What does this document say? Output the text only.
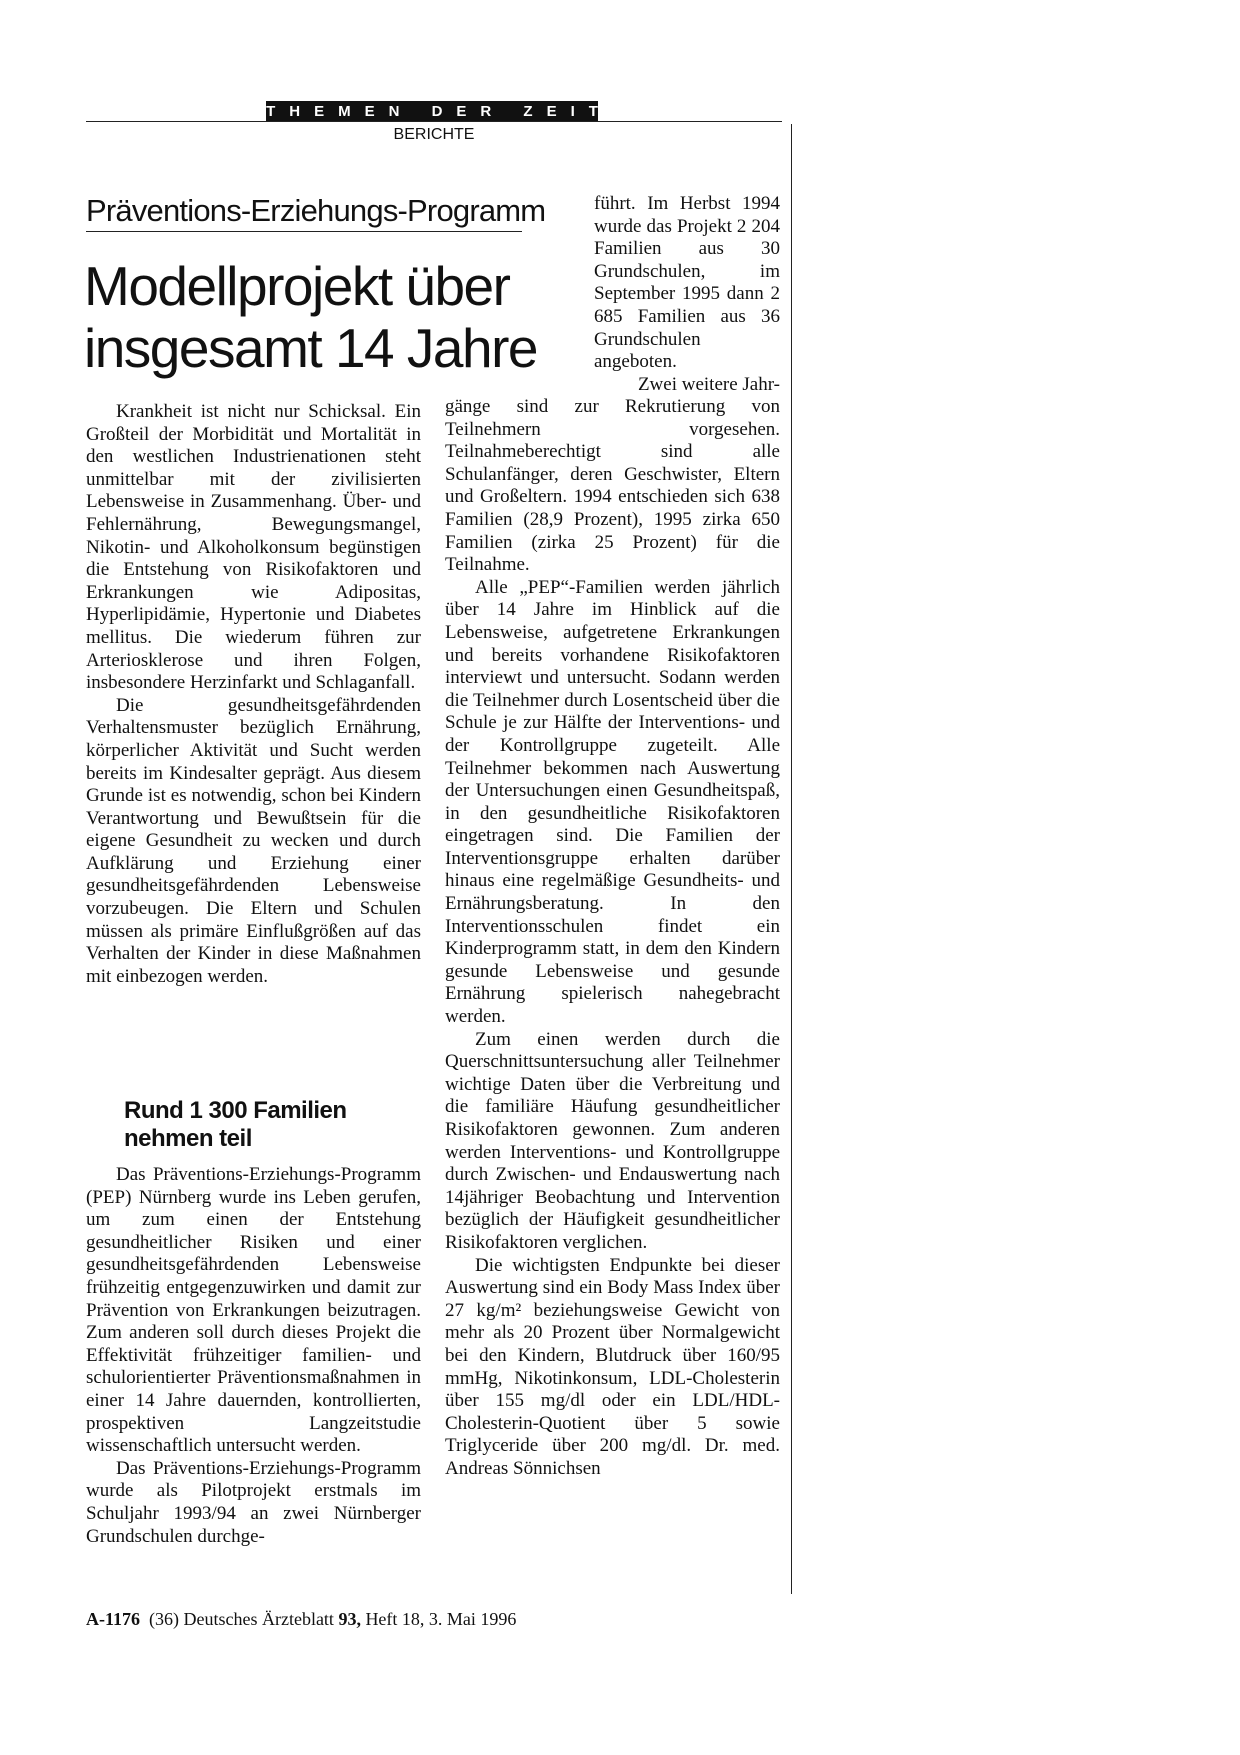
THEMEN DER ZEIT
BERICHTE
Präventions-Erziehungs-Programm
Modellprojekt über
insgesamt 14 Jahre

Krankheit ist nicht nur Schicksal. Ein Großteil der Morbidität und Mortalität in den westlichen Industrienationen steht unmittelbar mit der zivilisierten Lebensweise in Zusammenhang. Über- und Fehlernährung, Bewegungsmangel, Nikotin- und Alkoholkonsum begünstigen die Entstehung von Risikofaktoren und Erkrankungen wie Adipositas, Hyperlipidämie, Hypertonie und Diabetes mellitus. Die wiederum führen zur Arteriosklerose und ihren Folgen, insbesondere Herzinfarkt und Schlaganfall.

Die gesundheitsgefährdenden Verhaltensmuster bezüglich Ernährung, körperlicher Aktivität und Sucht werden bereits im Kindesalter geprägt. Aus diesem Grunde ist es notwendig, schon bei Kindern Verantwortung und Bewußtsein für die eigene Gesundheit zu wecken und durch Aufklärung und Erziehung einer gesundheitsgefährdenden Lebensweise vorzubeugen. Die Eltern und Schulen müssen als primäre Einflußgrößen auf das Verhalten der Kinder in diese Maßnahmen mit einbezogen werden.

Rund 1 300 Familien nehmen teil

Das Präventions-Erziehungs-Programm (PEP) Nürnberg wurde ins Leben gerufen, um zum einen der Entstehung gesundheitlicher Risiken und einer gesundheitsgefährdenden Lebensweise frühzeitig entgegenzuwirken und damit zur Prävention von Erkrankungen beizutragen. Zum anderen soll durch dieses Projekt die Effektivität frühzeitiger familien- und schulorientierter Präventionsmaßnahmen in einer 14 Jahre dauernden, kontrollierten, prospektiven Langzeitstudie wissenschaftlich untersucht werden.

Das Präventions-Erziehungs-Programm wurde als Pilotprojekt erstmals im Schuljahr 1993/94 an zwei Nürnberger Grundschulen durchge-

führt. Im Herbst 1994 wurde das Projekt 2 204 Familien aus 30 Grundschulen, im September 1995 dann 2 685 Familien aus 36 Grundschulen angeboten.

Zwei weitere Jahr-

gänge sind zur Rekrutierung von Teilnehmern vorgesehen. Teilnahmeberechtigt sind alle Schulanfänger, deren Geschwister, Eltern und Großeltern. 1994 entschieden sich 638 Familien (28,9 Prozent), 1995 zirka 650 Familien (zirka 25 Prozent) für die Teilnahme.

Alle „PEP“-Familien werden jährlich über 14 Jahre im Hinblick auf die Lebensweise, aufgetretene Erkrankungen und bereits vorhandene Risikofaktoren interviewt und untersucht. Sodann werden die Teilnehmer durch Losentscheid über die Schule je zur Hälfte der Interventions- und der Kontrollgruppe zugeteilt. Alle Teilnehmer bekommen nach Auswertung der Untersuchungen einen Gesundheitspaß, in den gesundheitliche Risikofaktoren eingetragen sind. Die Familien der Interventionsgruppe erhalten darüber hinaus eine regelmäßige Gesundheits- und Ernährungsberatung. In den Interventionsschulen findet ein Kinderprogramm statt, in dem den Kindern gesunde Lebensweise und gesunde Ernährung spielerisch nahegebracht werden.

Zum einen werden durch die Querschnittsuntersuchung aller Teilnehmer wichtige Daten über die Verbreitung und die familiäre Häufung gesundheitlicher Risikofaktoren gewonnen. Zum anderen werden Interventions- und Kontrollgruppe durch Zwischen- und Endauswertung nach 14jähriger Beobachtung und Intervention bezüglich der Häufigkeit gesundheitlicher Risikofaktoren verglichen.

Die wichtigsten Endpunkte bei dieser Auswertung sind ein Body Mass Index über 27 kg/m² beziehungsweise Gewicht von mehr als 20 Prozent über Normalgewicht bei den Kindern, Blutdruck über 160/95 mmHg, Nikotinkonsum, LDL-Cholesterin über 155 mg/dl oder ein LDL/HDL-Cholesterin-Quotient über 5 sowie Triglyceride über 200 mg/dl. Dr. med. Andreas Sönnichsen

A-1176 (36) Deutsches Ärzteblatt 93, Heft 18, 3. Mai 1996
